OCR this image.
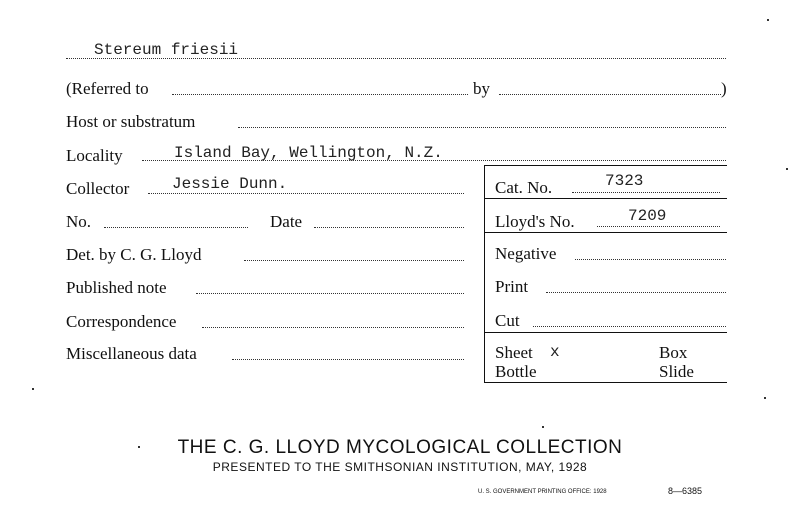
Stereum friesii
(Referred to	by	)
Host or substratum
Locality	Island Bay, Wellington, N.Z.
Collector	Jessie Dunn.	Cat. No.	7323
No.	Date	Lloyd's No.	7209
Det. by C. G. Lloyd	Negative
Published note	Print
Correspondence	Cut
Miscellaneous data	Sheet x	Box
Bottle	Slide
THE C. G. LLOYD MYCOLOGICAL COLLECTION
PRESENTED TO THE SMITHSONIAN INSTITUTION, MAY, 1928
U. S. GOVERNMENT PRINTING OFFICE: 1928	8—6385
